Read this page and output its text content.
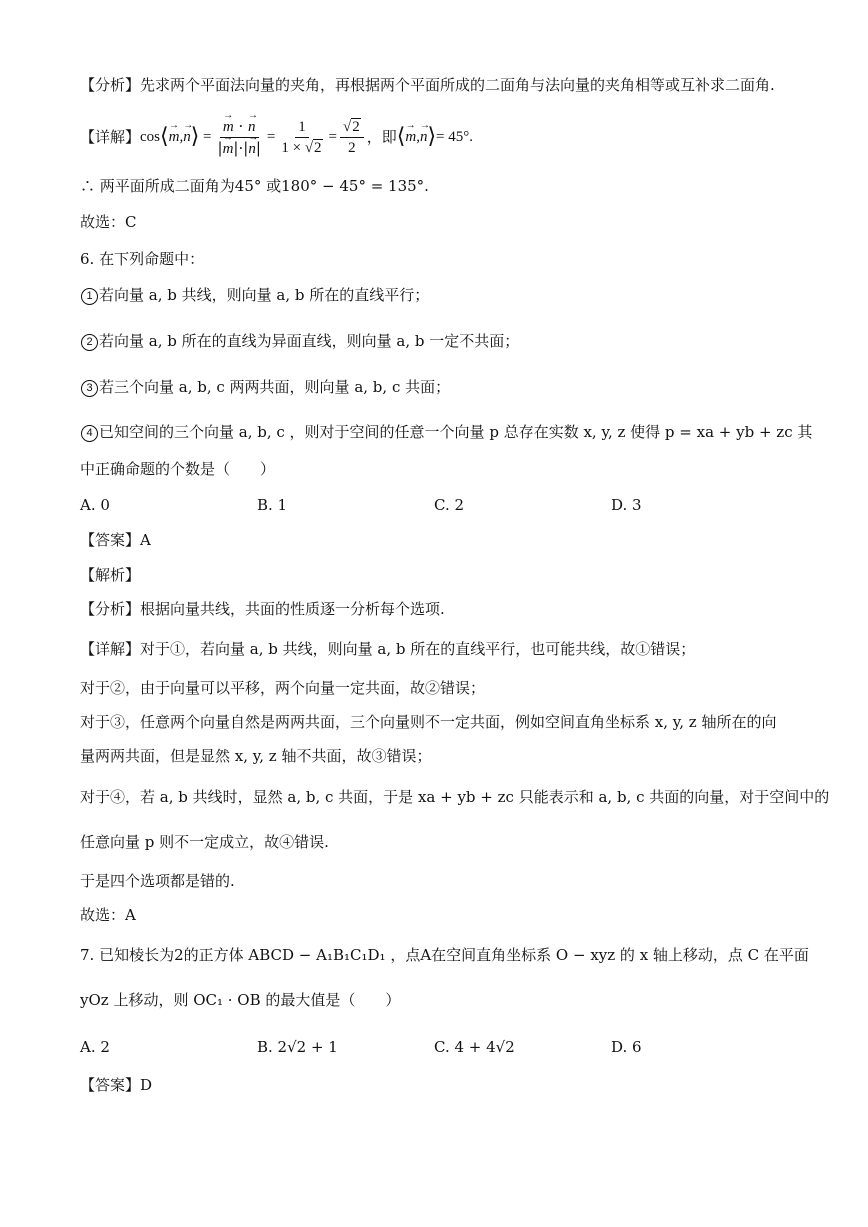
【分析】先求两个平面法向量的夹角，再根据两个平面所成的二面角与法向量的夹角相等或互补求二面角.
【详解】 cos ⟨ → m , → n ⟩ = → $\frac{m \cdot \to n}{|\to m|\cdot|\to n|} = \frac{1}{1 \times √2} = \frac{√2}{2}$ ，即 ⟨ → m , → n ⟩ = 45°.
∴ 两平面所成二面角为45° 或180° − 45° = 135°.
故选：C
6. 在下列命题中：
1 若向量 a, b 共线，则向量 a, b 所在的直线平行；
2 若向量 a, b 所在的直线为异面直线，则向量 a, b 一定不共面；
3 若三个向量 a, b, c 两两共面，则向量 a, b, c 共面；
4 已知空间的三个向量 a, b, c ，则对于空间的任意一个向量 p 总存在实数 x, y, z 使得 p = xa + yb + zc 其
中正确命题的个数是（　　）
A. 0	B. 1	C. 2	D. 3
【答案】A
【解析】
【分析】根据向量共线，共面的性质逐一分析每个选项.
【详解】对于①，若向量 a, b 共线，则向量 a, b 所在的直线平行，也可能共线，故①错误；
对于②，由于向量可以平移，两个向量一定共面，故②错误；
对于③，任意两个向量自然是两两共面，三个向量则不一定共面，例如空间直角坐标系 x, y, z 轴所在的向
量两两共面，但是显然 x, y, z 轴不共面，故③错误；
对于④，若 a, b 共线时，显然 a, b, c 共面，于是 xa + yb + zc 只能表示和 a, b, c 共面的向量，对于空间中的
任意向量 p 则不一定成立，故④错误.
于是四个选项都是错的.
故选：A
7. 已知棱长为2的正方体 ABCD − A₁B₁C₁D₁ ，点A在空间直角坐标系 O − xyz 的 x 轴上移动，点 C 在平面
yOz 上移动，则 OC₁ · OB 的最大值是（　　）
A. 2	B. 2√2 + 1	C. 4 + 4√2	D. 6
【答案】D
